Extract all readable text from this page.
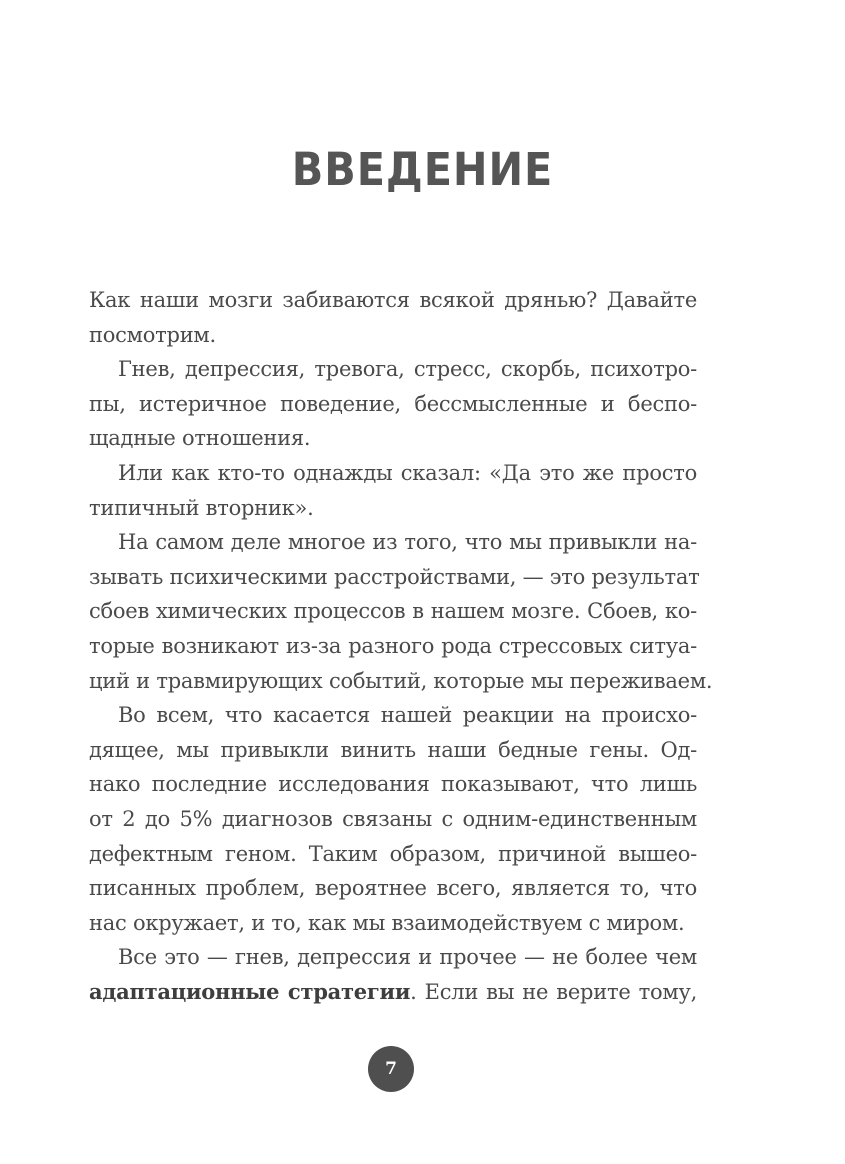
ВВЕДЕНИЕ
Как наши мозги забиваются всякой дрянью? Давайте
посмотрим.
Гнев, депрессия, тревога, стресс, скорбь, психотро-
пы, истеричное поведение, бессмысленные и беспо-
щадные отношения.
Или как кто-то однажды сказал: «Да это же просто
типичный вторник».
На самом деле многое из того, что мы привыкли на-
зывать психическими расстройствами, — это результат
сбоев химических процессов в нашем мозге. Сбоев, ко-
торые возникают из-за разного рода стрессовых ситуа-
ций и травмирующих событий, которые мы переживаем.
Во всем, что касается нашей реакции на происхо-
дящее, мы привыкли винить наши бедные гены. Од-
нако последние исследования показывают, что лишь
от 2 до 5% диагнозов связаны с одним-единственным
дефектным геном. Таким образом, причиной вышео-
писанных проблем, вероятнее всего, является то, что
нас окружает, и то, как мы взаимодействуем с миром.
Все это — гнев, депрессия и прочее — не более чем
адаптационные стратегии. Если вы не верите тому,
7
